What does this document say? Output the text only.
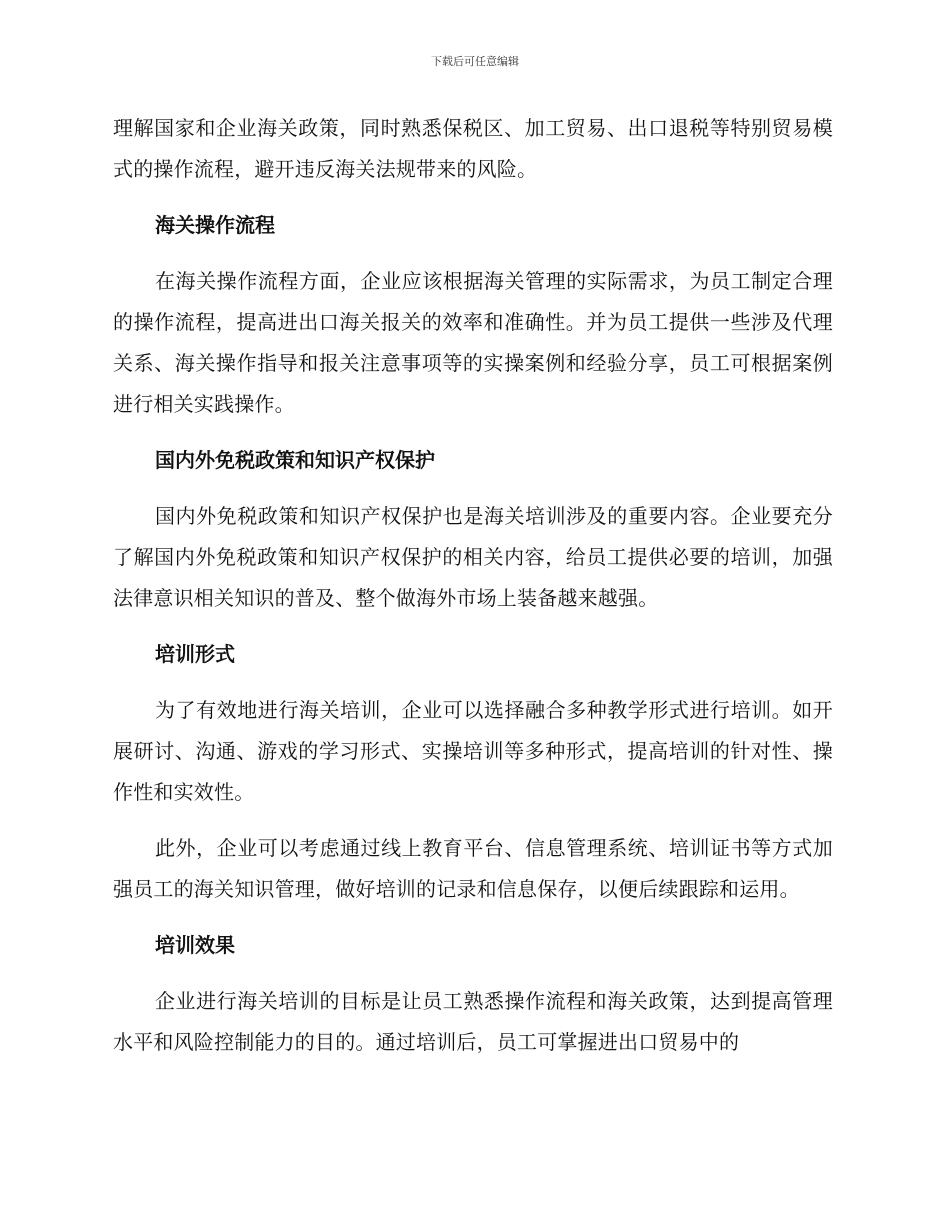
下载后可任意编辑

理解国家和企业海关政策，同时熟悉保税区、加工贸易、出口退税等特别贸易模式的操作流程，避开违反海关法规带来的风险。

海关操作流程

在海关操作流程方面，企业应该根据海关管理的实际需求，为员工制定合理的操作流程，提高进出口海关报关的效率和准确性。并为员工提供一些涉及代理关系、海关操作指导和报关注意事项等的实操案例和经验分享，员工可根据案例进行相关实践操作。

国内外免税政策和知识产权保护

国内外免税政策和知识产权保护也是海关培训涉及的重要内容。企业要充分了解国内外免税政策和知识产权保护的相关内容，给员工提供必要的培训，加强法律意识相关知识的普及、整个做海外市场上装备越来越强。

培训形式

为了有效地进行海关培训，企业可以选择融合多种教学形式进行培训。如开展研讨、沟通、游戏的学习形式、实操培训等多种形式，提高培训的针对性、操作性和实效性。

此外，企业可以考虑通过线上教育平台、信息管理系统、培训证书等方式加强员工的海关知识管理，做好培训的记录和信息保存，以便后续跟踪和运用。

培训效果

企业进行海关培训的目标是让员工熟悉操作流程和海关政策，达到提高管理水平和风险控制能力的目的。通过培训后，员工可掌握进出口贸易中的
